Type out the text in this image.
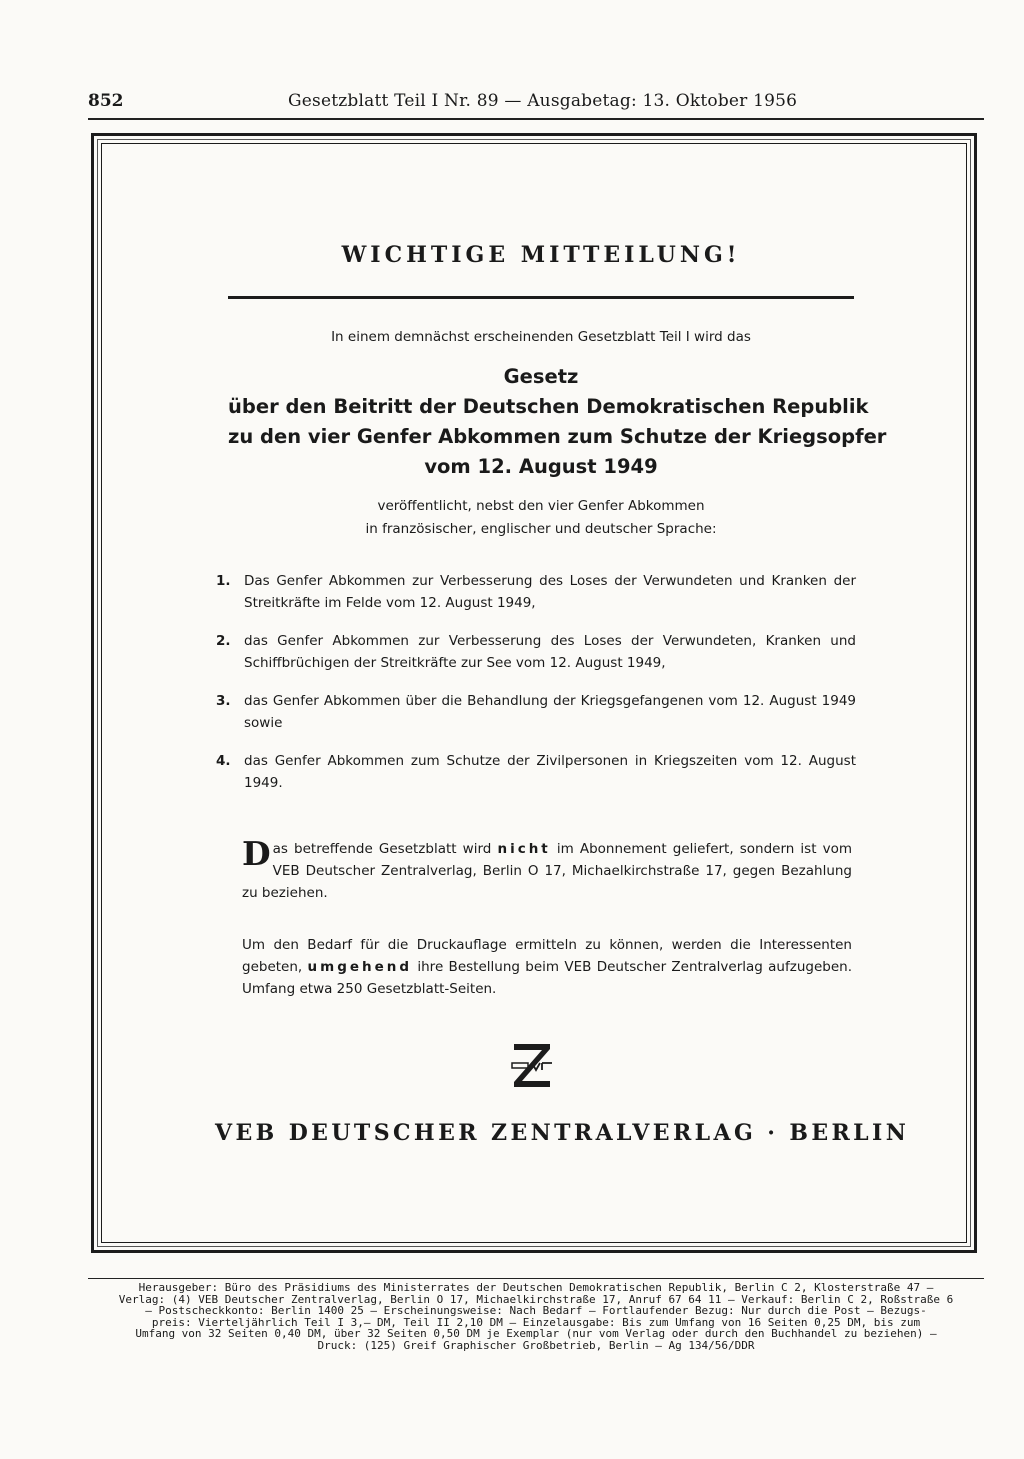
852	Gesetzblatt Teil I Nr. 89 — Ausgabetag: 13. Oktober 1956
WICHTIGE MITTEILUNG!
In einem demnächst erscheinenden Gesetzblatt Teil I wird das
Gesetz
über den Beitritt der Deutschen Demokratischen Republik
zu den vier Genfer Abkommen zum Schutze der Kriegsopfer
vom 12. August 1949
veröffentlicht, nebst den vier Genfer Abkommen
in französischer, englischer und deutscher Sprache:
1. Das Genfer Abkommen zur Verbesserung des Loses der Verwundeten und Kranken der Streitkräfte im Felde vom 12. August 1949,
2. das Genfer Abkommen zur Verbesserung des Loses der Verwundeten, Kranken und Schiffbrüchigen der Streitkräfte zur See vom 12. August 1949,
3. das Genfer Abkommen über die Behandlung der Kriegsgefangenen vom 12. August 1949 sowie
4. das Genfer Abkommen zum Schutze der Zivilpersonen in Kriegszeiten vom 12. August 1949.
Das betreffende Gesetzblatt wird nicht im Abonnement geliefert, sondern ist vom VEB Deutscher Zentralverlag, Berlin O 17, Michaelkirchstraße 17, gegen Bezahlung zu beziehen.
Um den Bedarf für die Druckauflage ermitteln zu können, werden die Interessenten gebeten, umgehend ihre Bestellung beim VEB Deutscher Zentralverlag aufzugeben. Umfang etwa 250 Gesetzblatt-Seiten.
VEB DEUTSCHER ZENTRALVERLAG · BERLIN
Herausgeber: Büro des Präsidiums des Ministerrates der Deutschen Demokratischen Republik, Berlin C 2, Klosterstraße 47 —
Verlag: (4) VEB Deutscher Zentralverlag, Berlin O 17, Michaelkirchstraße 17, Anruf 67 64 11 — Verkauf: Berlin C 2, Roßstraße 6
— Postscheckkonto: Berlin 1400 25 — Erscheinungsweise: Nach Bedarf — Fortlaufender Bezug: Nur durch die Post — Bezugs-
preis: Vierteljährlich Teil I 3,— DM, Teil II 2,10 DM — Einzelausgabe: Bis zum Umfang von 16 Seiten 0,25 DM, bis zum
Umfang von 32 Seiten 0,40 DM, über 32 Seiten 0,50 DM je Exemplar (nur vom Verlag oder durch den Buchhandel zu beziehen) —
Druck: (125) Greif Graphischer Großbetrieb, Berlin — Ag 134/56/DDR
